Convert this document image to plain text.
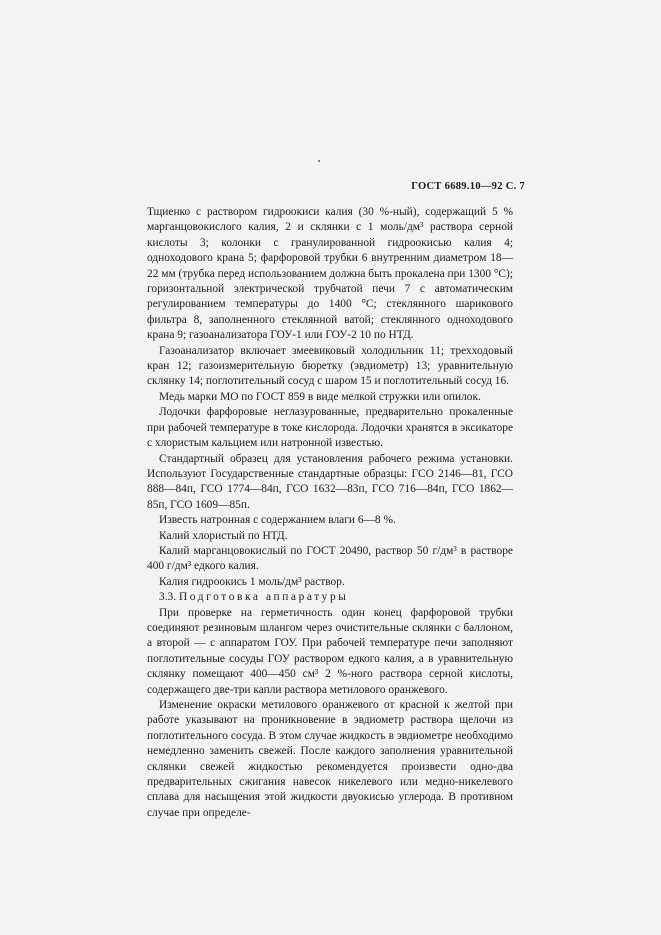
ГОСТ 6689.10—92 С. 7

Тщиенко с раствором гидроокиси калия (30 %-ный), содержащий 5 % марганцовокислого калия, 2 и склянки с 1 моль/дм³ раствора серной кислоты 3; колонки с гранулированной гидроокисью калия 4; одноходового крана 5; фарфоровой трубки 6 внутренним диаметром 18—22 мм (трубка перед использованием должна быть прокалена при 1300 °С); горизонтальной электрической трубчатой печи 7 с автоматическим регулированием температуры до 1400 °С; стеклянного шарикового фильтра 8, заполненного стеклянной ватой; стеклянного одноходового крана 9; газоанализатора ГОУ-1 или ГОУ-2 10 по НТД.

Газоанализатор включает змеевиковый холодильник 11; трехходовый кран 12; газоизмерительную бюретку (эвдиометр) 13; уравнительную склянку 14; поглотительный сосуд с шаром 15 и поглотительный сосуд 16.

Медь марки МО по ГОСТ 859 в виде мелкой стружки или опилок.

Лодочки фарфоровые неглазурованные, предварительно прокаленные при рабочей температуре в токе кислорода. Лодочки хранятся в эксикаторе с хлористым кальцием или натронной известью.

Стандартный образец для установления рабочего режима установки. Используют Государственные стандартные образцы: ГСО 2146—81, ГСО 888—84п, ГСО 1774—84п, ГСО 1632—83п, ГСО 716—84п, ГСО 1862—85п, ГСО 1609—85п.

Известь натронная с содержанием влаги 6—8 %.

Калий хлористый по НТД.

Калий марганцовокислый по ГОСТ 20490, раствор 50 г/дм³ в растворе 400 г/дм³ едкого калия.

Калия гидроокись 1 моль/дм³ раствор.

3.3. Подготовка аппаратуры

При проверке на герметичность один конец фарфоровой трубки соединяют резиновым шлангом через очистительные склянки с баллоном, а второй — с аппаратом ГОУ. При рабочей температуре печи заполняют поглотительные сосуды ГОУ раствором едкого калия, а в уравнительную склянку помещают 400—450 см³ 2 %-ного раствора серной кислоты, содержащего две-три капли раствора метилового оранжевого.

Изменение окраски метилового оранжевого от красной к желтой при работе указывают на проникновение в эвдиометр раствора щелочи из поглотительного сосуда. В этом случае жидкость в эвдиометре необходимо немедленно заменить свежей. После каждого заполнения уравнительной склянки свежей жидкостью рекомендуется произвести одно-два предварительных сжигания навесок никелевого или медно-никелевого сплава для насыщения этой жидкости двуокисью углерода. В противном случае при определе-
